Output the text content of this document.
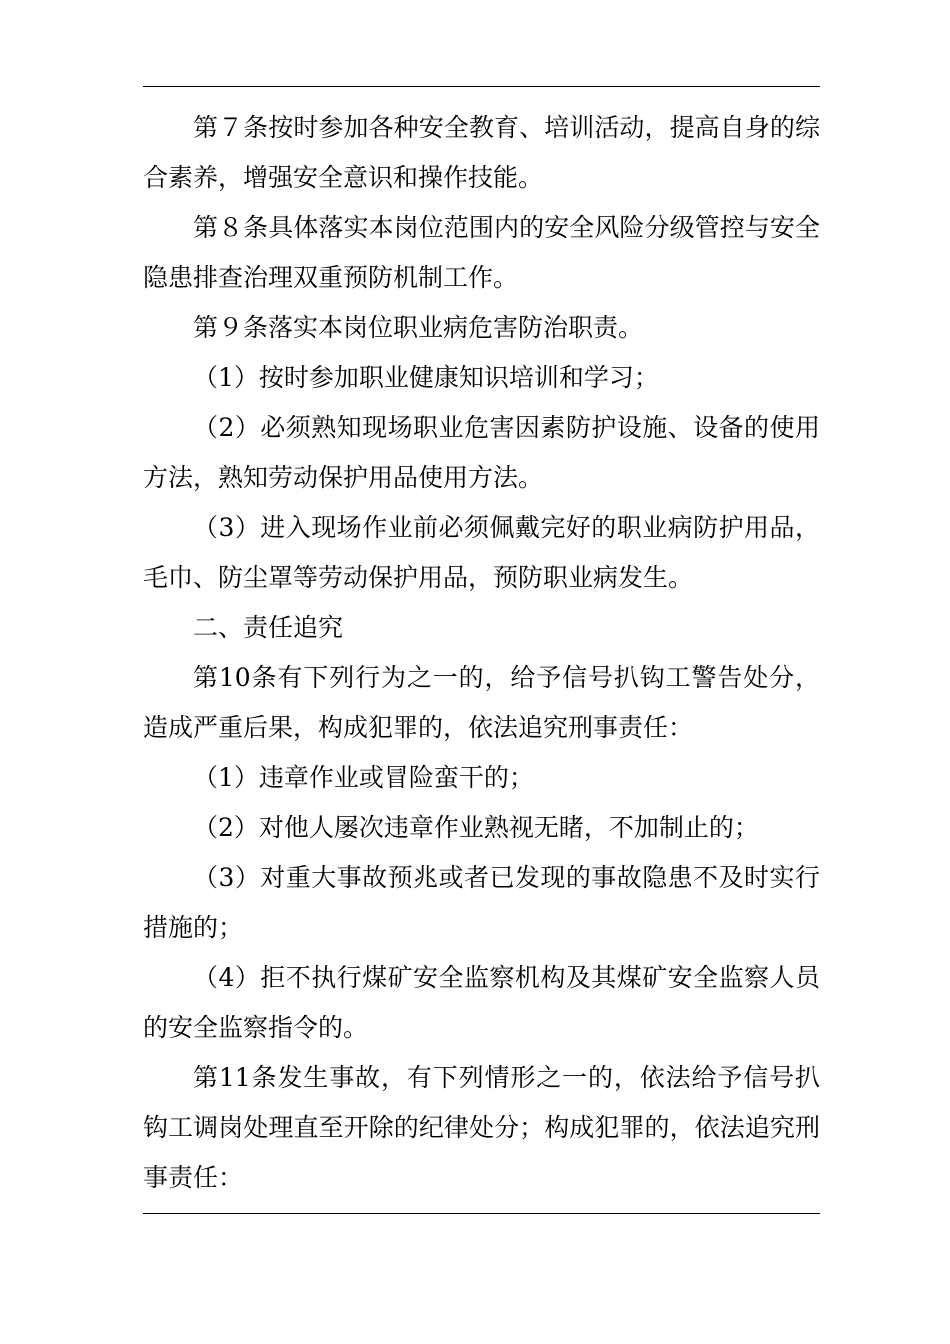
第７条按时参加各种安全教育、培训活动，提高自身的综合素养，增强安全意识和操作技能。

第８条具体落实本岗位范围内的安全风险分级管控与安全隐患排查治理双重预防机制工作。

第９条落实本岗位职业病危害防治职责。

（1）按时参加职业健康知识培训和学习；

（2）必须熟知现场职业危害因素防护设施、设备的使用方法，熟知劳动保护用品使用方法。

（3）进入现场作业前必须佩戴完好的职业病防护用品，毛巾、防尘罩等劳动保护用品，预防职业病发生。

二、责任追究

第10条有下列行为之一的，给予信号扒钩工警告处分，造成严重后果，构成犯罪的，依法追究刑事责任：

（1）违章作业或冒险蛮干的；

（2）对他人屡次违章作业熟视无睹，不加制止的；

（3）对重大事故预兆或者已发现的事故隐患不及时实行措施的；

（4）拒不执行煤矿安全监察机构及其煤矿安全监察人员的安全监察指令的。

第11条发生事故，有下列情形之一的，依法给予信号扒钩工调岗处理直至开除的纪律处分；构成犯罪的，依法追究刑事责任：
